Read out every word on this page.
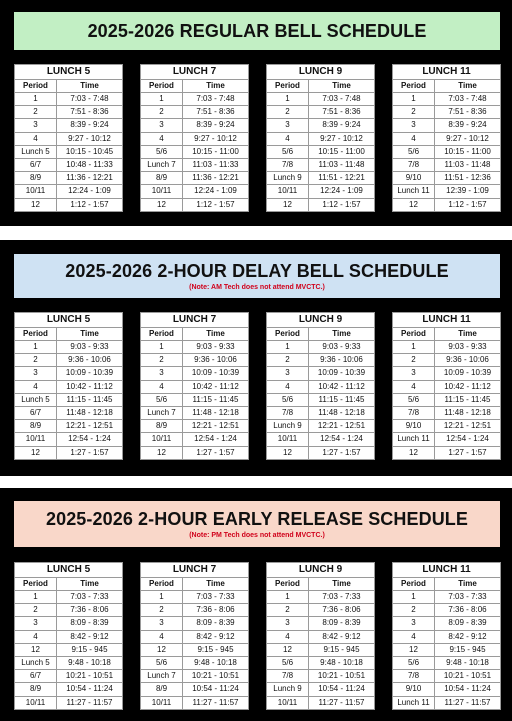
2025-2026 REGULAR BELL SCHEDULE
LUNCH 5	
Period	Time
1	7:03 - 7:48
2	7:51 - 8:36
3	8:39 - 9:24
4	9:27 - 10:12
Lunch 5	10:15 - 10:45
6/7	10:48 - 11:33
8/9	11:36 - 12:21
10/11	12:24 - 1:09
12	1:12 - 1:57
LUNCH 7	
Period	Time
1	7:03 - 7:48
2	7:51 - 8:36
3	8:39 - 9:24
4	9:27 - 10:12
5/6	10:15 - 11:00
Lunch 7	11:03 - 11:33
8/9	11:36 - 12:21
10/11	12:24 - 1:09
12	1:12 - 1:57
LUNCH 9	
Period	Time
1	7:03 - 7:48
2	7:51 - 8:36
3	8:39 - 9:24
4	9:27 - 10:12
5/6	10:15 - 11:00
7/8	11:03 - 11:48
Lunch 9	11:51 - 12:21
10/11	12:24 - 1:09
12	1:12 - 1:57
LUNCH 11	
Period	Time
1	7:03 - 7:48
2	7:51 - 8:36
3	8:39 - 9:24
4	9:27 - 10:12
5/6	10:15 - 11:00
7/8	11:03 - 11:48
9/10	11:51 - 12:36
Lunch 11	12:39 - 1:09
12	1:12 - 1:57
2025-2026 2-HOUR DELAY BELL SCHEDULE
(Note: AM Tech does not attend MVCTC.)
LUNCH 5	
Period	Time
1	9:03 - 9:33
2	9:36 - 10:06
3	10:09 - 10:39
4	10:42 - 11:12
Lunch 5	11:15 - 11:45
6/7	11:48 - 12:18
8/9	12:21 - 12:51
10/11	12:54 - 1:24
12	1:27 - 1:57
LUNCH 7	
Period	Time
1	9:03 - 9:33
2	9:36 - 10:06
3	10:09 - 10:39
4	10:42 - 11:12
5/6	11:15 - 11:45
Lunch 7	11:48 - 12:18
8/9	12:21 - 12:51
10/11	12:54 - 1:24
12	1:27 - 1:57
LUNCH 9	
Period	Time
1	9:03 - 9:33
2	9:36 - 10:06
3	10:09 - 10:39
4	10:42 - 11:12
5/6	11:15 - 11:45
7/8	11:48 - 12:18
Lunch 9	12:21 - 12:51
10/11	12:54 - 1:24
12	1:27 - 1:57
LUNCH 11	
Period	Time
1	9:03 - 9:33
2	9:36 - 10:06
3	10:09 - 10:39
4	10:42 - 11:12
5/6	11:15 - 11:45
7/8	11:48 - 12:18
9/10	12:21 - 12:51
Lunch 11	12:54 - 1:24
12	1:27 - 1:57
2025-2026 2-HOUR EARLY RELEASE SCHEDULE
(Note: PM Tech does not attend MVCTC.)
LUNCH 5	
Period	Time
1	7:03 - 7:33
2	7:36 - 8:06
3	8:09 - 8:39
4	8:42 - 9:12
12	9:15 - 945
Lunch 5	9:48 - 10:18
6/7	10:21 - 10:51
8/9	10:54 - 11:24
10/11	11:27 - 11:57
LUNCH 7	
Period	Time
1	7:03 - 7:33
2	7:36 - 8:06
3	8:09 - 8:39
4	8:42 - 9:12
12	9:15 - 945
5/6	9:48 - 10:18
Lunch 7	10:21 - 10:51
8/9	10:54 - 11:24
10/11	11:27 - 11:57
LUNCH 9	
Period	Time
1	7:03 - 7:33
2	7:36 - 8:06
3	8:09 - 8:39
4	8:42 - 9:12
12	9:15 - 945
5/6	9:48 - 10:18
7/8	10:21 - 10:51
Lunch 9	10:54 - 11:24
10/11	11:27 - 11:57
LUNCH 11	
Period	Time
1	7:03 - 7:33
2	7:36 - 8:06
3	8:09 - 8:39
4	8:42 - 9:12
12	9:15 - 945
5/6	9:48 - 10:18
7/8	10:21 - 10:51
9/10	10:54 - 11:24
Lunch 11	11:27 - 11:57
